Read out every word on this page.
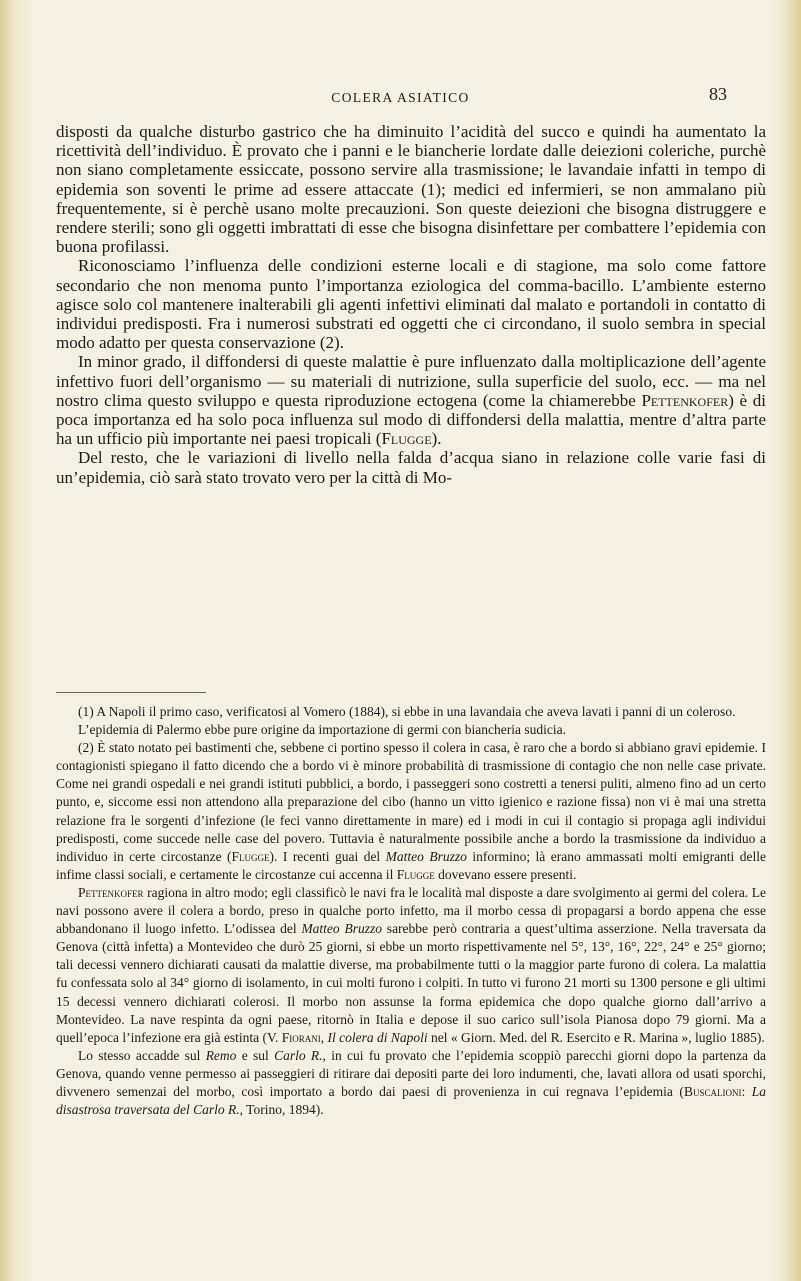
COLERA ASIATICO	83

disposti da qualche disturbo gastrico che ha diminuito l’acidità del succo e quindi ha aumentato la ricettività dell’individuo. È provato che i panni e le biancherie lordate dalle deiezioni coleriche, purchè non siano completamente essiccate, possono servire alla trasmissione; le lavandaie infatti in tempo di epidemia son soventi le prime ad essere attaccate (1); medici ed infermieri, se non ammalano più frequentemente, si è perchè usano molte precauzioni. Son queste deiezioni che bisogna distruggere e rendere sterili; sono gli oggetti imbrattati di esse che bisogna disinfettare per combattere l’epidemia con buona profilassi.

Riconosciamo l’influenza delle condizioni esterne locali e di stagione, ma solo come fattore secondario che non menoma punto l’importanza eziologica del comma-bacillo. L’ambiente esterno agisce solo col mantenere inalterabili gli agenti infettivi eliminati dal malato e portandoli in contatto di individui predisposti. Fra i numerosi substrati ed oggetti che ci circondano, il suolo sembra in special modo adatto per questa conservazione (2).

In minor grado, il diffondersi di queste malattie è pure influenzato dalla moltiplicazione dell’agente infettivo fuori dell’organismo — su materiali di nutrizione, sulla superficie del suolo, ecc. — ma nel nostro clima questo sviluppo e questa riproduzione ectogena (come la chiamerebbe Pettenkofer) è di poca importanza ed ha solo poca influenza sul modo di diffondersi della malattia, mentre d’altra parte ha un ufficio più importante nei paesi tropicali (Flugge).

Del resto, che le variazioni di livello nella falda d’acqua siano in relazione colle varie fasi di un’epidemia, ciò sarà stato trovato vero per la città di Mo-

(1) A Napoli il primo caso, verificatosi al Vomero (1884), si ebbe in una lavandaia che aveva lavati i panni di un coleroso.

L’epidemia di Palermo ebbe pure origine da importazione di germi con biancheria sudicia.

(2) È stato notato pei bastimenti che, sebbene ci portino spesso il colera in casa, è raro che a bordo si abbiano gravi epidemie. I contagionisti spiegano il fatto dicendo che a bordo vi è minore probabilità di trasmissione di contagio che non nelle case private. Come nei grandi ospedali e nei grandi istituti pubblici, a bordo, i passeggeri sono costretti a tenersi puliti, almeno fino ad un certo punto, e, siccome essi non attendono alla preparazione del cibo (hanno un vitto igienico e razione fissa) non vi è mai una stretta relazione fra le sorgenti d’infezione (le feci vanno direttamente in mare) ed i modi in cui il contagio si propaga agli individui predisposti, come succede nelle case del povero. Tuttavia è naturalmente possibile anche a bordo la trasmissione da individuo a individuo in certe circostanze (Flugge). I recenti guai del Matteo Bruzzo informino; là erano ammassati molti emigranti delle infime classi sociali, e certamente le circostanze cui accenna il Flugge dovevano essere presenti.

Pettenkofer ragiona in altro modo; egli classificò le navi fra le località mal disposte a dare svolgimento ai germi del colera. Le navi possono avere il colera a bordo, preso in qualche porto infetto, ma il morbo cessa di propagarsi a bordo appena che esse abbandonano il luogo infetto. L’odissea del Matteo Bruzzo sarebbe però contraria a quest’ultima asserzione. Nella traversata da Genova (città infetta) a Montevideo che durò 25 giorni, si ebbe un morto rispettivamente nel 5°, 13°, 16°, 22°, 24° e 25° giorno; tali decessi vennero dichiarati causati da malattie diverse, ma probabilmente tutti o la maggior parte furono di colera. La malattia fu confessata solo al 34° giorno di isolamento, in cui molti furono i colpiti. In tutto vi furono 21 morti su 1300 persone e gli ultimi 15 decessi vennero dichiarati colerosi. Il morbo non assunse la forma epidemica che dopo qualche giorno dall’arrivo a Montevideo. La nave respinta da ogni paese, ritornò in Italia e depose il suo carico sull’isola Pianosa dopo 79 giorni. Ma a quell’epoca l’infezione era già estinta (V. Fiorani, Il colera di Napoli nel « Giorn. Med. del R. Esercito e R. Marina », luglio 1885).

Lo stesso accadde sul Remo e sul Carlo R., in cui fu provato che l’epidemia scoppiò parecchi giorni dopo la partenza da Genova, quando venne permesso ai passeggieri di ritirare dai depositi parte dei loro indumenti, che, lavati allora od usati sporchi, divvenero semenzai del morbo, così importato a bordo dai paesi di provenienza in cui regnava l’epidemia (Buscalioni: La disastrosa traversata del Carlo R., Torino, 1894).
